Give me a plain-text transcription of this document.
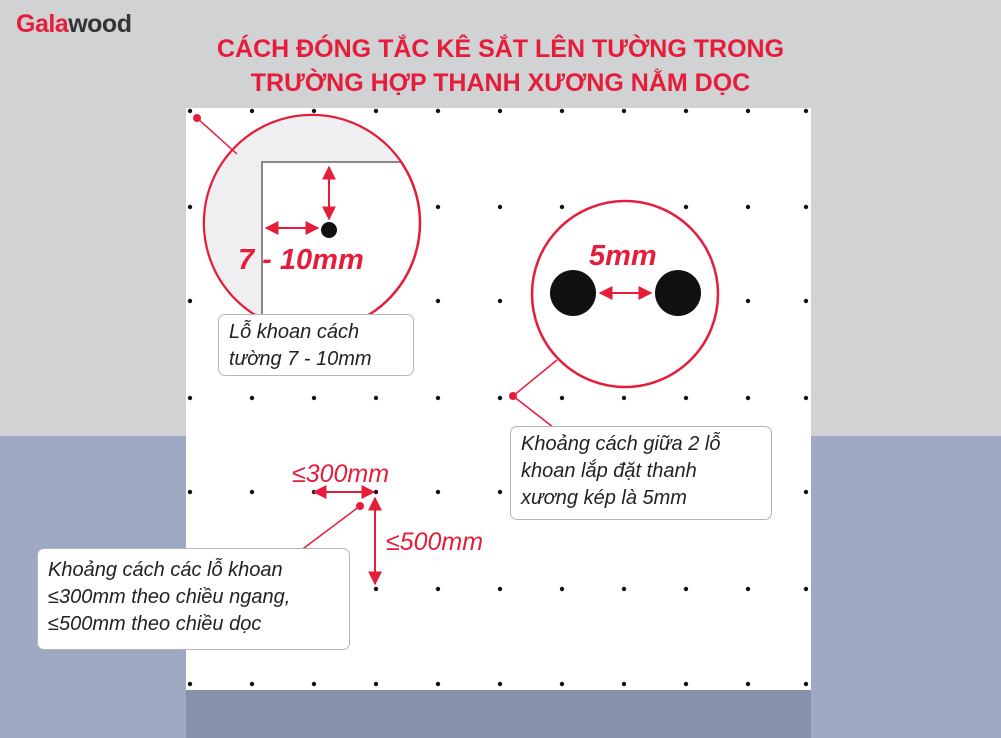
Galawood
CÁCH ĐÓNG TẮC KÊ SẮT LÊN TƯỜNG TRONG
TRƯỜNG HỢP THANH XƯƠNG NẰM DỌC
7 - 10mm	5mm
≤300mm
≤500mm
Lỗ khoan cách
tường 7 - 10mm
Khoảng cách giữa 2 lỗ
khoan lắp đặt thanh
xương kép là 5mm
Khoảng cách các lỗ khoan
≤300mm theo chiều ngang,
≤500mm theo chiều dọc
